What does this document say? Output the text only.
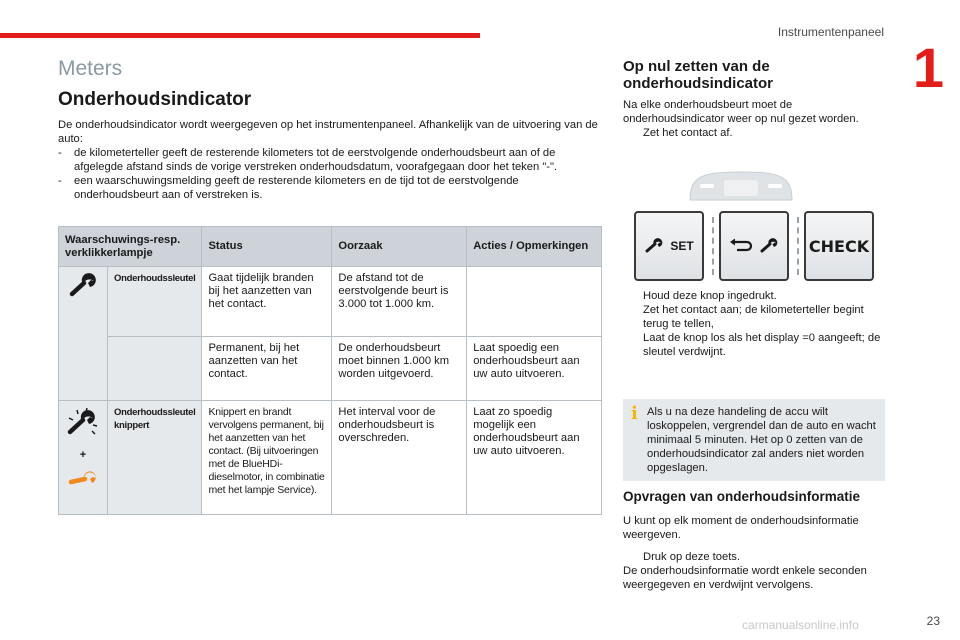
Instrumentenpaneel
1
Meters
Onderhoudsindicator

De onderhoudsindicator wordt weergegeven op het instrumentenpaneel. Afhankelijk van de uitvoering van de auto:

-	de kilometerteller geeft de resterende kilometers tot de eerstvolgende onderhoudsbeurt aan of de afgelegde afstand sinds de vorige verstreken onderhoudsdatum, voorafgegaan door het teken "-".
-	een waarschuwingsmelding geeft de resterende kilometers en de tijd tot de eerstvolgende onderhoudsbeurt aan of verstreken is.
Waarschuwings-resp. verklikkerlampje		Status	Oorzaak	Acties / Opmerkingen

	Onderhoudssleutel	Gaat tijdelijk branden bij het aanzetten van het contact.	De afstand tot de eerstvolgende beurt is 3.000 tot 1.000 km.	
		Permanent, bij het aanzetten van het contact.	De onderhoudsbeurt moet binnen 1.000 km worden uitgevoerd.	Laat spoedig een onderhoudsbeurt aan uw auto uitvoeren.

+	Onderhoudssleutel knippert	Knippert en brandt vervolgens permanent, bij het aanzetten van het contact. (Bij uitvoeringen met de BlueHDi-dieselmotor, in combinatie met het lampje Service).	Het interval voor de onderhoudsbeurt is overschreden.	Laat zo spoedig mogelijk een onderhoudsbeurt aan uw auto uitvoeren.
Op nul zetten van de onderhoudsindicator

Na elke onderhoudsbeurt moet de onderhoudsindicator weer op nul gezet worden.

Zet het contact af.
SET	CHECK
Houd deze knop ingedrukt.
Zet het contact aan; de kilometerteller begint terug te tellen,
Laat de knop los als het display =0 aangeeft; de sleutel verdwijnt.
i Als u na deze handeling de accu wilt loskoppelen, vergrendel dan de auto en wacht minimaal 5 minuten. Het op 0 zetten van de onderhoudsindicator zal anders niet worden opgeslagen.
Opvragen van onderhoudsinformatie
U kunt op elk moment de onderhoudsinformatie weergeven.
Druk op deze toets.

De onderhoudsinformatie wordt enkele seconden weergegeven en verdwijnt vervolgens.

carmanualsonline.info	23
